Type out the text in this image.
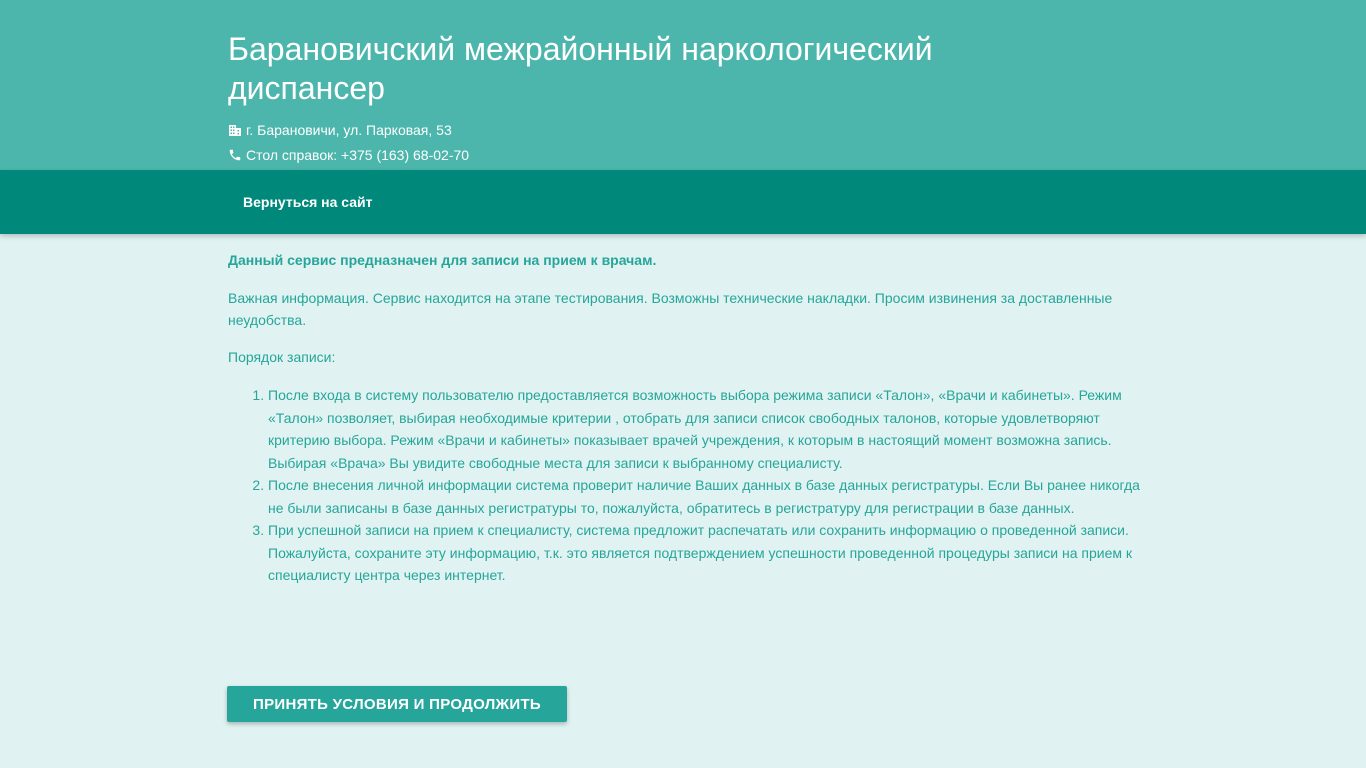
Барановичский межрайонный наркологический диспансер
г. Барановичи, ул. Парковая, 53
Стол справок: +375 (163) 68-02-70
Вернуться на сайт

Данный сервис предназначен для записи на прием к врачам.

Важная информация. Сервис находится на этапе тестирования. Возможны технические накладки. Просим извинения за доставленные неудобства.

Порядок записи:

1. После входа в систему пользователю предоставляется возможность выбора режима записи «Талон», «Врачи и кабинеты». Режим «Талон» позволяет, выбирая необходимые критерии , отобрать для записи список свободных талонов, которые удовлетворяют критерию выбора. Режим «Врачи и кабинеты» показывает врачей учреждения, к которым в настоящий момент возможна запись. Выбирая «Врача» Вы увидите свободные места для записи к выбранному специалисту.
2. После внесения личной информации система проверит наличие Ваших данных в базе данных регистратуры. Если Вы ранее никогда не были записаны в базе данных регистратуры то, пожалуйста, обратитесь в регистратуру для регистрации в базе данных.
3. При успешной записи на прием к специалисту, система предложит распечатать или сохранить информацию о проведенной записи. Пожалуйста, сохраните эту информацию, т.к. это является подтверждением успешности проведенной процедуры записи на прием к специалисту центра через интернет.
ПРИНЯТЬ УСЛОВИЯ И ПРОДОЛЖИТЬ
